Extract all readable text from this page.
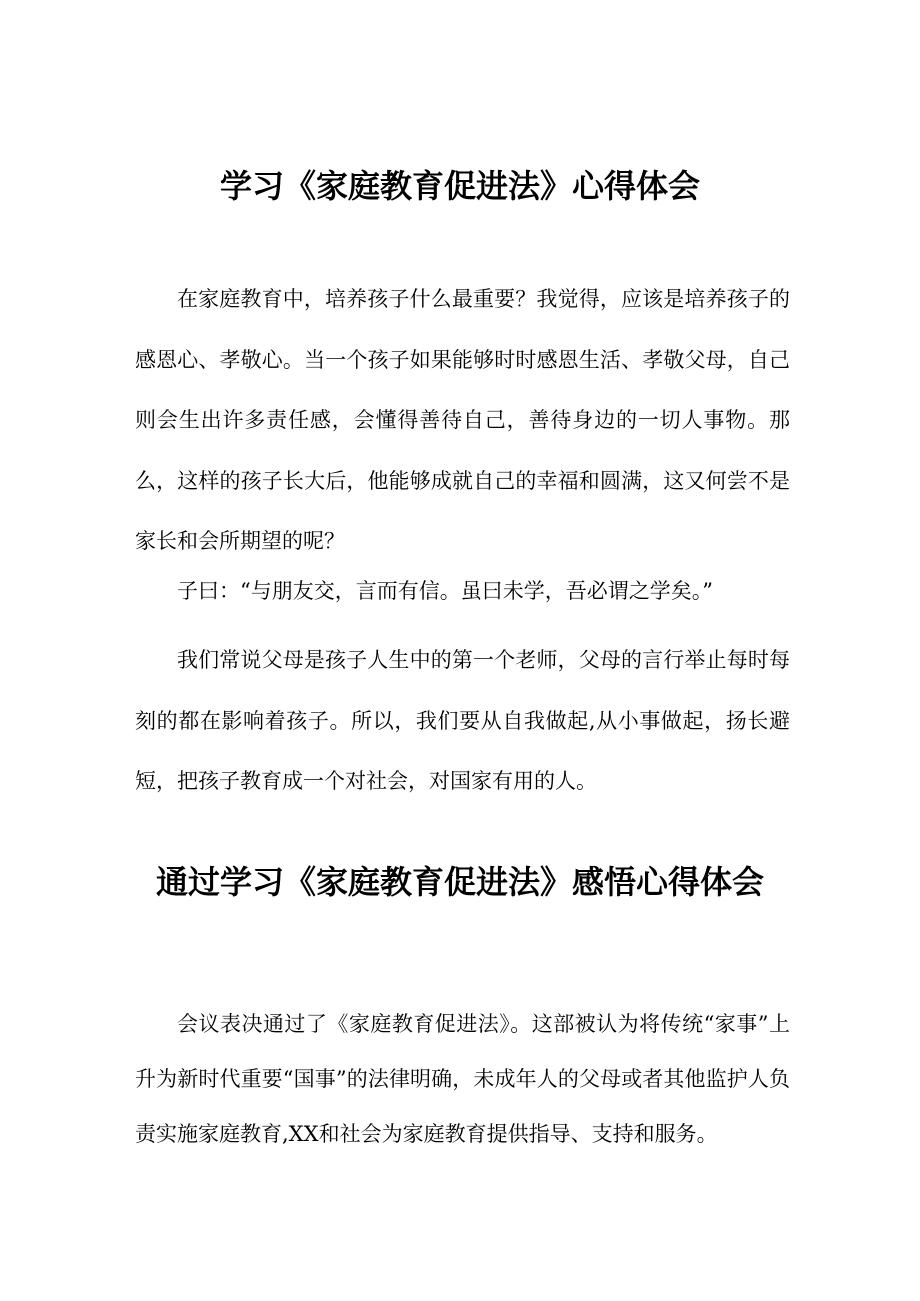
学习《家庭教育促进法》心得体会

在家庭教育中，培养孩子什么最重要？我觉得，应该是培养孩子的感恩心、孝敬心。当一个孩子如果能够时时感恩生活、孝敬父母，自己则会生出许多责任感，会懂得善待自己，善待身边的一切人事物。那么，这样的孩子长大后，他能够成就自己的幸福和圆满，这又何尝不是家长和会所期望的呢？

子曰：“与朋友交，言而有信。虽曰未学，吾必谓之学矣。”

我们常说父母是孩子人生中的第一个老师，父母的言行举止每时每刻的都在影响着孩子。所以，我们要从自我做起,从小事做起，扬长避短，把孩子教育成一个对社会，对国家有用的人。

通过学习《家庭教育促进法》感悟心得体会

会议表决通过了《家庭教育促进法》。这部被认为将传统“家事”上升为新时代重要“国事”的法律明确，未成年人的父母或者其他监护人负责实施家庭教育,XX和社会为家庭教育提供指导、支持和服务。
